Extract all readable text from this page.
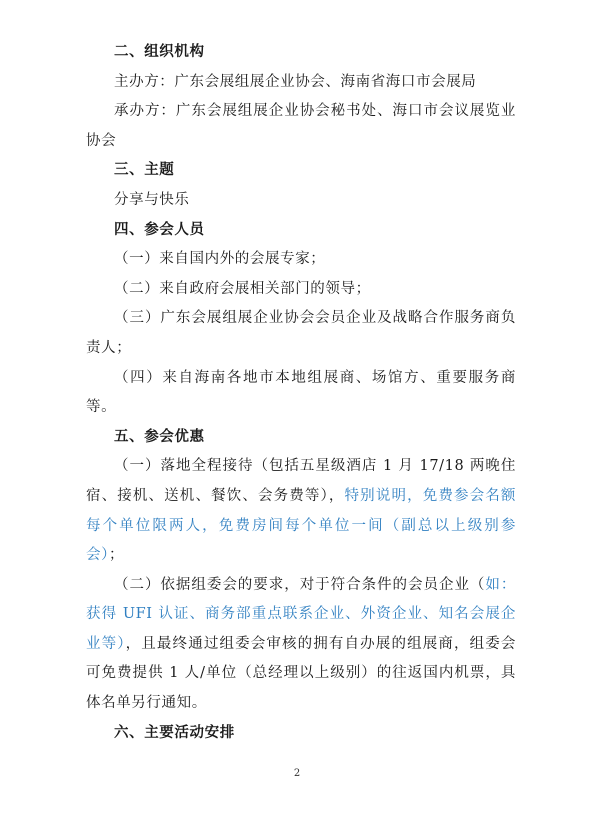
二、组织机构

主办方：广东会展组展企业协会、海南省海口市会展局

承办方：广东会展组展企业协会秘书处、海口市会议展览业协会

三、主题

分享与快乐

四、参会人员

（一）来自国内外的会展专家；

（二）来自政府会展相关部门的领导；

（三）广东会展组展企业协会会员企业及战略合作服务商负责人；

（四）来自海南各地市本地组展商、场馆方、重要服务商等。

五、参会优惠

（一）落地全程接待（包括五星级酒店 1 月 17/18 两晚住宿、接机、送机、餐饮、会务费等），特别说明，免费参会名额每个单位限两人，免费房间每个单位一间（副总以上级别参会）；

（二）依据组委会的要求，对于符合条件的会员企业（如：获得 UFI 认证、商务部重点联系企业、外资企业、知名会展企业等），且最终通过组委会审核的拥有自办展的组展商，组委会可免费提供 1 人/单位（总经理以上级别）的往返国内机票，具体名单另行通知。

六、主要活动安排

2
